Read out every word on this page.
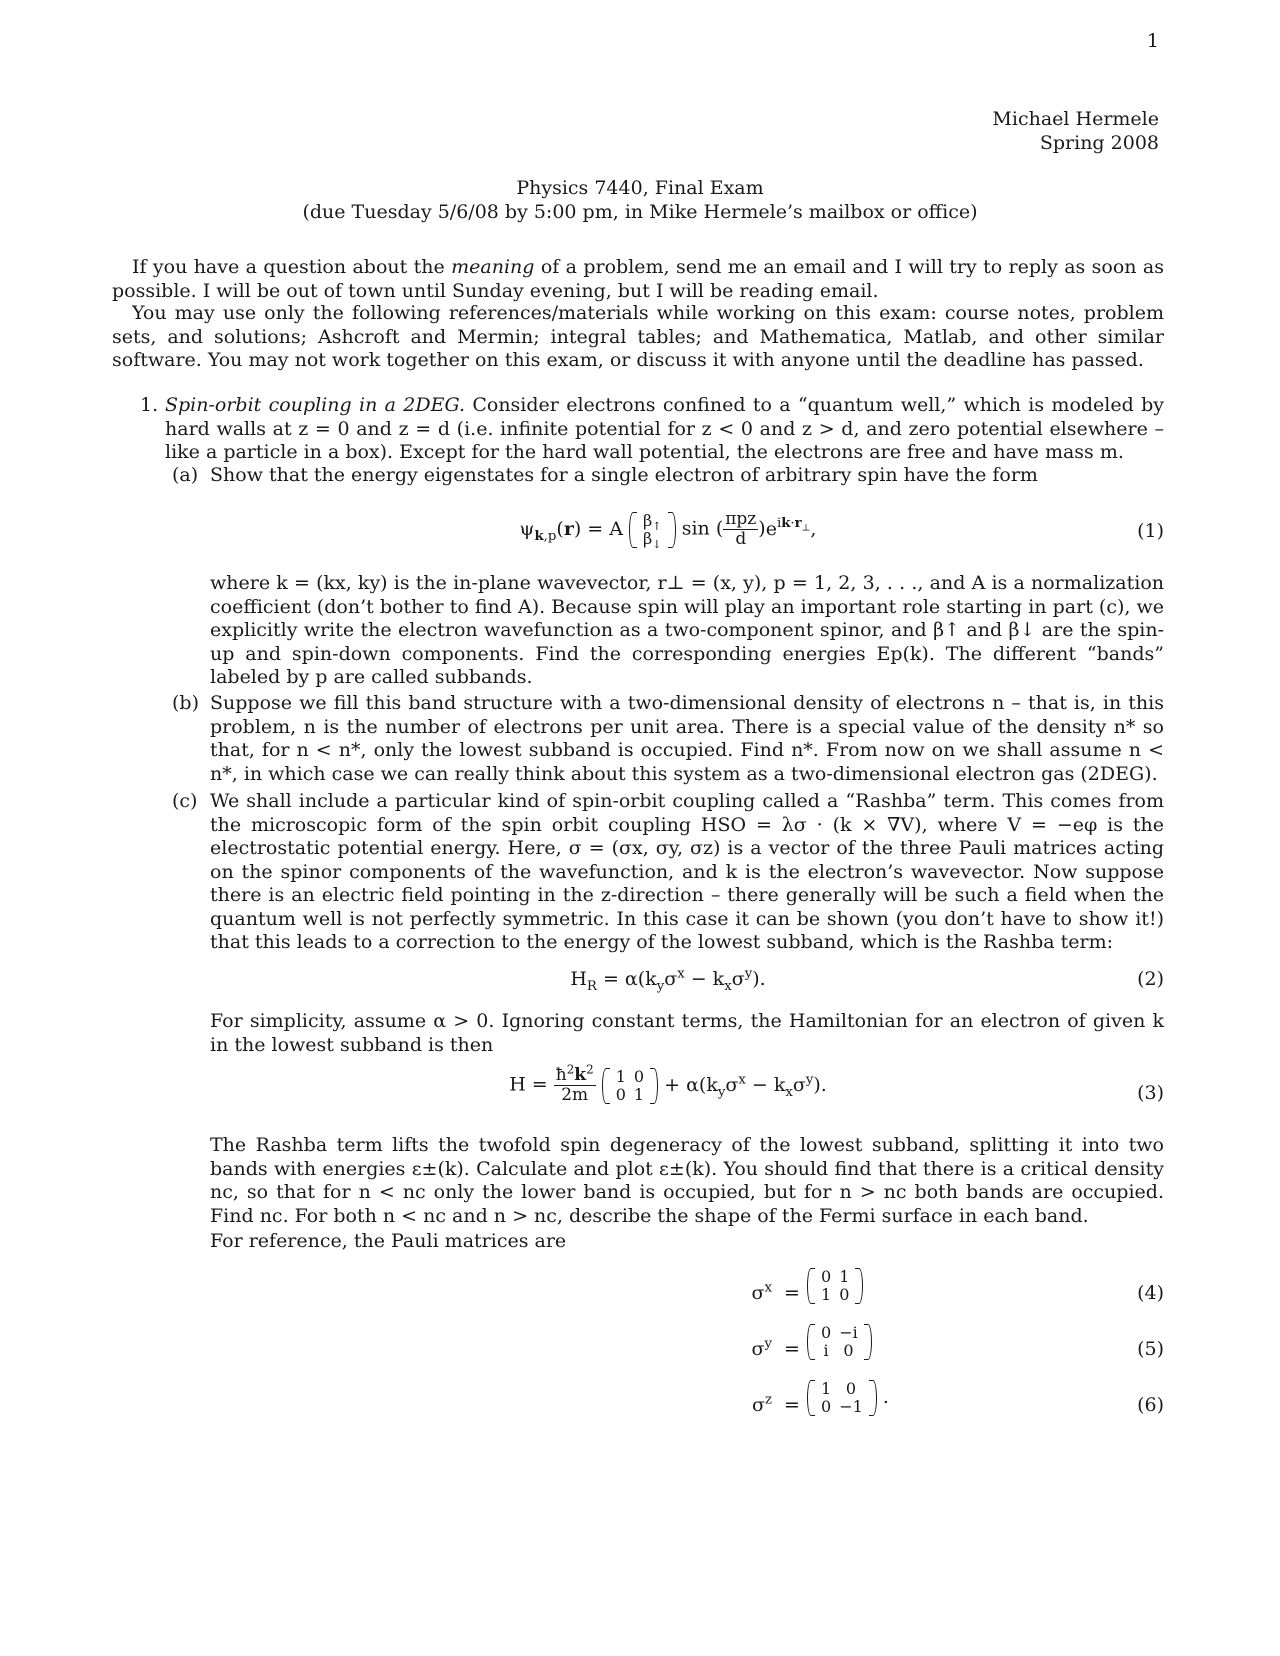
1
Michael Hermele
Spring 2008
Physics 7440, Final Exam
(due Tuesday 5/6/08 by 5:00 pm, in Mike Hermele’s mailbox or office)
If you have a question about the meaning of a problem, send me an email and I will try to reply as soon as possible. I will be out of town until Sunday evening, but I will be reading email.
You may use only the following references/materials while working on this exam: course notes, problem sets, and solutions; Ashcroft and Mermin; integral tables; and Mathematica, Matlab, and other similar software. You may not work together on this exam, or discuss it with anyone until the deadline has passed.
1. Spin-orbit coupling in a 2DEG. Consider electrons confined to a “quantum well,” which is modeled by hard walls at z = 0 and z = d (i.e. infinite potential for z < 0 and z > d, and zero potential elsewhere – like a particle in a box). Except for the hard wall potential, the electrons are free and have mass m.
(a) Show that the energy eigenstates for a single electron of arbitrary spin have the form
$\psi_{k,p}(r) = A$ $\beta_↑$
$\beta_↓$
sin ( $\frac{\text{πpz}}{d} )e^{ik\cdot r_\perp}$,	(1)
where k = (kx, ky) is the in-plane wavevector, r⊥ = (x, y), p = 1, 2, 3, . . ., and A is a normalization coefficient (don’t bother to find A). Because spin will play an important role starting in part (c), we explicitly write the electron wavefunction as a two-component spinor, and β↑ and β↓ are the spin-up and spin-down components. Find the corresponding energies Ep(k). The different “bands” labeled by p are called subbands.
(b) Suppose we fill this band structure with a two-dimensional density of electrons n – that is, in this problem, n is the number of electrons per unit area. There is a special value of the density n* so that, for n < n*, only the lowest subband is occupied. Find n*. From now on we shall assume n < n*, in which case we can really think about this system as a two-dimensional electron gas (2DEG).
(c) We shall include a particular kind of spin-orbit coupling called a “Rashba” term. This comes from the microscopic form of the spin orbit coupling HSO = λσ · (k × ∇V), where V = −eφ is the electrostatic potential energy. Here, σ = (σx, σy, σz) is a vector of the three Pauli matrices acting on the spinor components of the wavefunction, and k is the electron’s wavevector. Now suppose there is an electric field pointing in the z-direction – there generally will be such a field when the quantum well is not perfectly symmetric. In this case it can be shown (you don’t have to show it!) that this leads to a correction to the energy of the lowest subband, which is the Rashba term:
$H_R = \alpha(k_y\sigma^x - k_x\sigma^y)$.	(2)
For simplicity, assume α > 0. Ignoring constant terms, the Hamiltonian for an electron of given k in the lowest subband is then
$H = \frac{ħ^2k^2}{2m}$
1	0
0	$1 + \alpha(k_y\sigma^x - k_x\sigma^y)$.	(3)
The Rashba term lifts the twofold spin degeneracy of the lowest subband, splitting it into two bands with energies ε±(k). Calculate and plot ε±(k). You should find that there is a critical density nc, so that for n < nc only the lower band is occupied, but for n > nc both bands are occupied. Find nc. For both n < nc and n > nc, describe the shape of the Fermi surface in each band.
For reference, the Pauli matrices are
$\sigma^x$ =
0	1
1	0	(4)
$\sigma^y$ =
0	−i
i	0	(5)
$\sigma^z$ =
1	0
0	−1 .	(6)
